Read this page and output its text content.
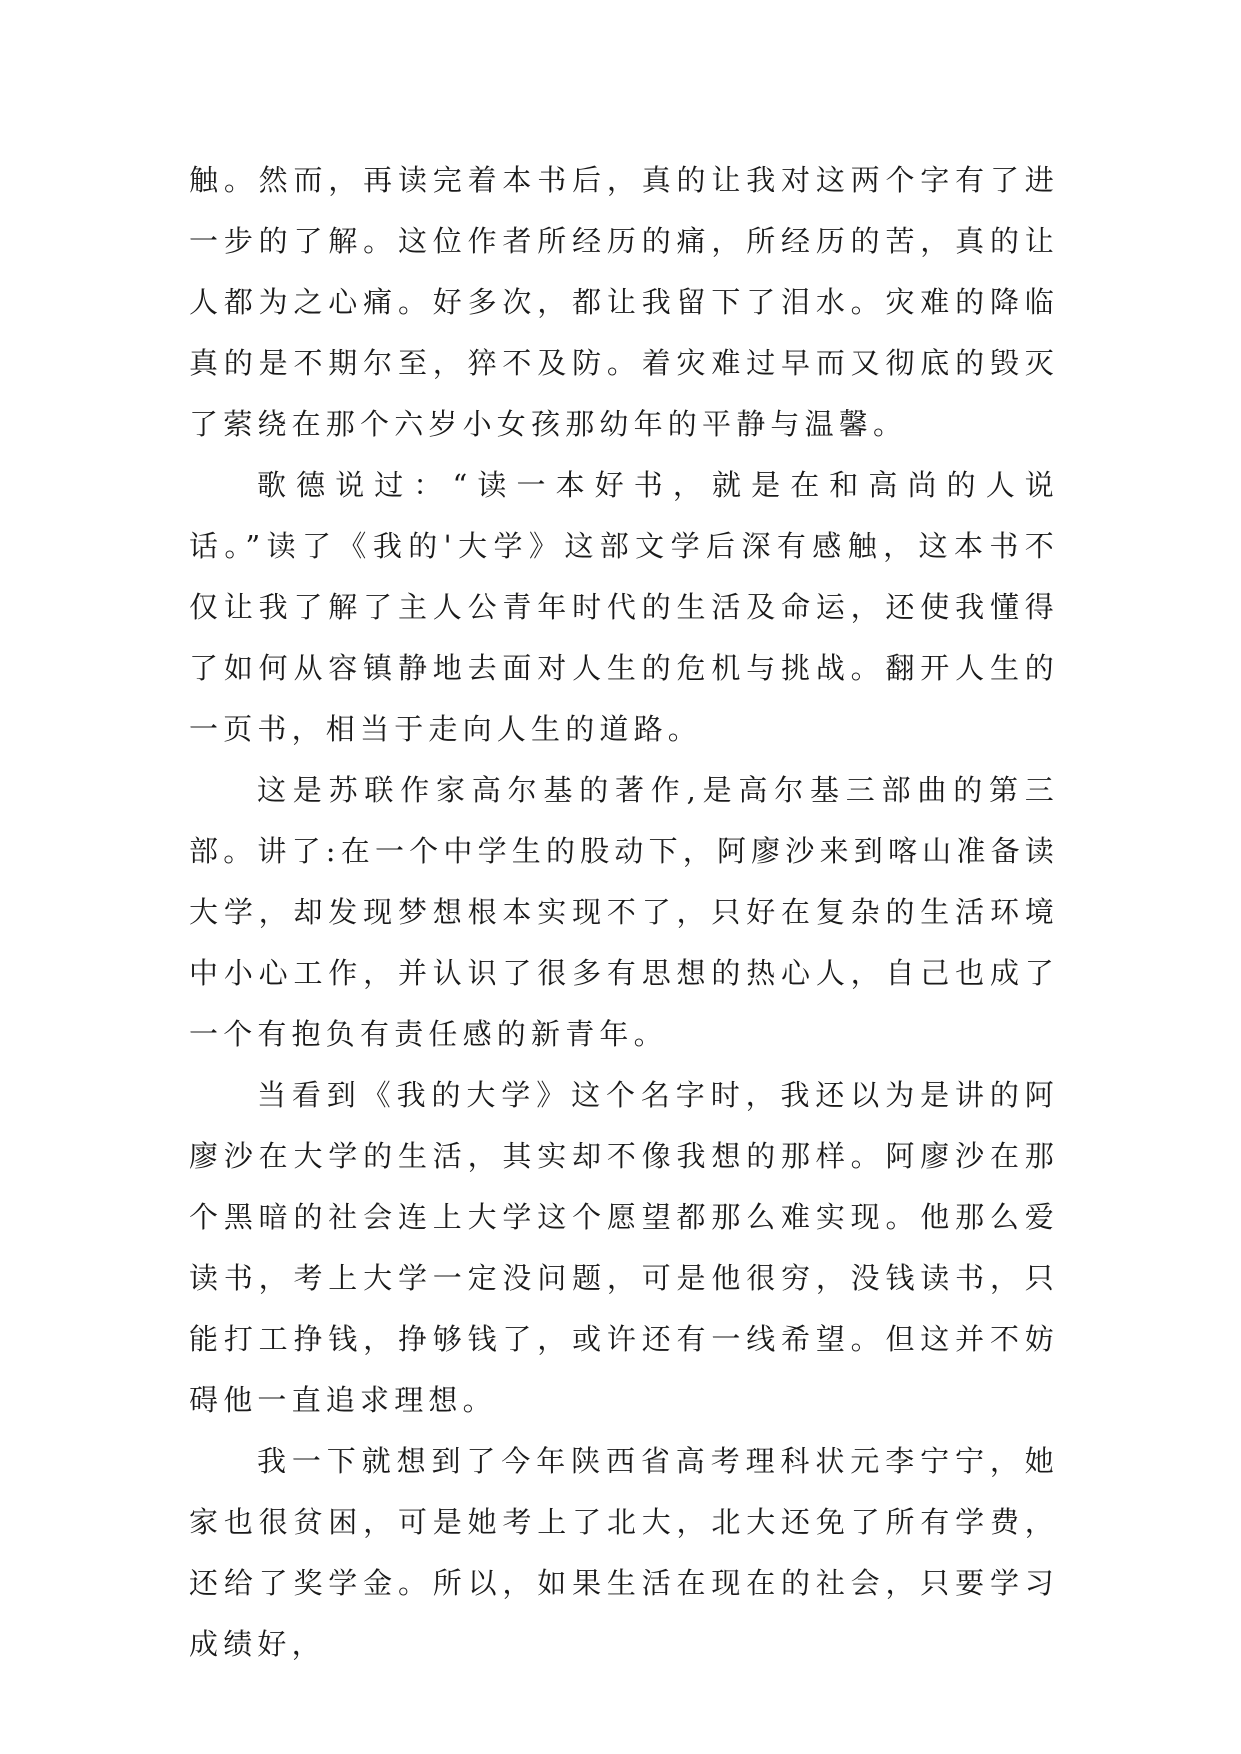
触。然而，再读完着本书后，真的让我对这两个字有了进一步的了解。这位作者所经历的痛，所经历的苦，真的让人都为之心痛。好多次，都让我留下了泪水。灾难的降临真的是不期尔至，猝不及防。着灾难过早而又彻底的毁灭了萦绕在那个六岁小女孩那幼年的平静与温馨。

歌德说过：“读一本好书，就是在和高尚的人说话。”读了《我的'大学》这部文学后深有感触，这本书不仅让我了解了主人公青年时代的生活及命运，还使我懂得了如何从容镇静地去面对人生的危机与挑战。翻开人生的一页书，相当于走向人生的道路。

这是苏联作家高尔基的著作,是高尔基三部曲的第三部。讲了:在一个中学生的股动下，阿廖沙来到喀山准备读大学，却发现梦想根本实现不了，只好在复杂的生活环境中小心工作，并认识了很多有思想的热心人，自己也成了一个有抱负有责任感的新青年。

当看到《我的大学》这个名字时，我还以为是讲的阿廖沙在大学的生活，其实却不像我想的那样。阿廖沙在那个黑暗的社会连上大学这个愿望都那么难实现。他那么爱读书，考上大学一定没问题，可是他很穷，没钱读书，只能打工挣钱，挣够钱了，或许还有一线希望。但这并不妨碍他一直追求理想。

我一下就想到了今年陕西省高考理科状元李宁宁，她家也很贫困，可是她考上了北大，北大还免了所有学费，还给了奖学金。所以，如果生活在现在的社会，只要学习成绩好，
